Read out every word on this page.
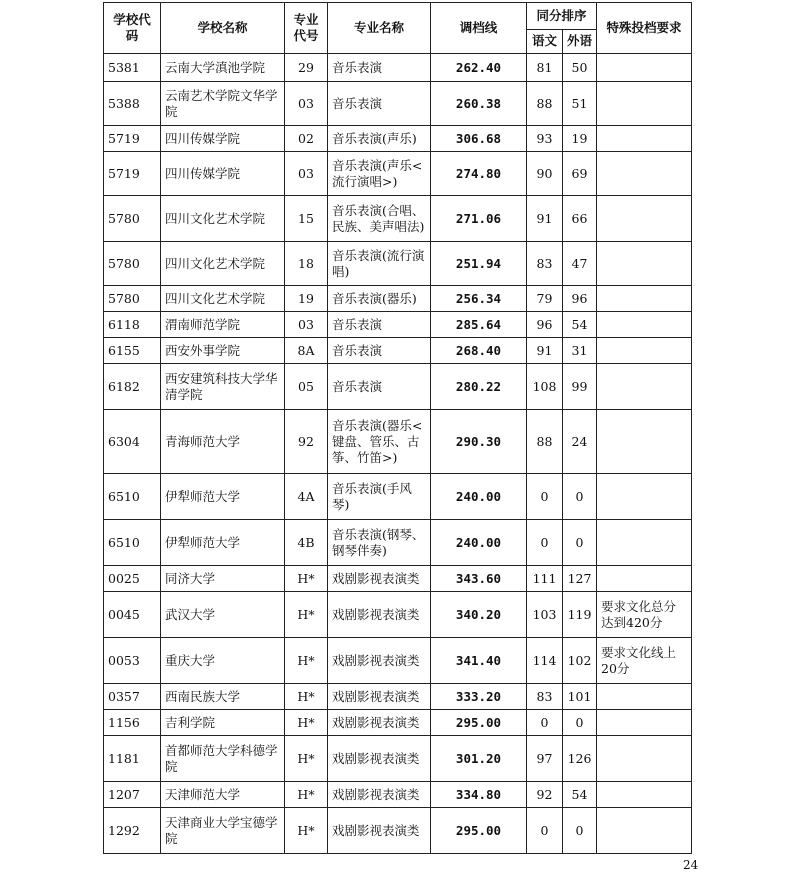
学校代码	学校名称	专业代号	专业名称	调档线	同分排序		特殊投档要求
					语文	外语	
5381	云南大学滇池学院	29	音乐表演	262.40	81	50	
5388	云南艺术学院文华学院	03	音乐表演	260.38	88	51	
5719	四川传媒学院	02	音乐表演(声乐)	306.68	93	19	
5719	四川传媒学院	03	音乐表演(声乐<流行演唱>)	274.80	90	69	
5780	四川文化艺术学院	15	音乐表演(合唱、民族、美声唱法)	271.06	91	66	
5780	四川文化艺术学院	18	音乐表演(流行演唱)	251.94	83	47	
5780	四川文化艺术学院	19	音乐表演(器乐)	256.34	79	96	
6118	渭南师范学院	03	音乐表演	285.64	96	54	
6155	西安外事学院	8A	音乐表演	268.40	91	31	
6182	西安建筑科技大学华清学院	05	音乐表演	280.22	108	99	
6304	青海师范大学	92	音乐表演(器乐<键盘、管乐、古筝、竹笛>)	290.30	88	24	
6510	伊犁师范大学	4A	音乐表演(手风琴)	240.00	0	0	
6510	伊犁师范大学	4B	音乐表演(钢琴、钢琴伴奏)	240.00	0	0	
0025	同济大学	H*	戏剧影视表演类	343.60	111	127	
0045	武汉大学	H*	戏剧影视表演类	340.20	103	119	要求文化总分达到420分
0053	重庆大学	H*	戏剧影视表演类	341.40	114	102	要求文化线上20分
0357	西南民族大学	H*	戏剧影视表演类	333.20	83	101	
1156	吉利学院	H*	戏剧影视表演类	295.00	0	0	
1181	首都师范大学科德学院	H*	戏剧影视表演类	301.20	97	126	
1207	天津师范大学	H*	戏剧影视表演类	334.80	92	54	
1292	天津商业大学宝德学院	H*	戏剧影视表演类	295.00	0	0	
24
